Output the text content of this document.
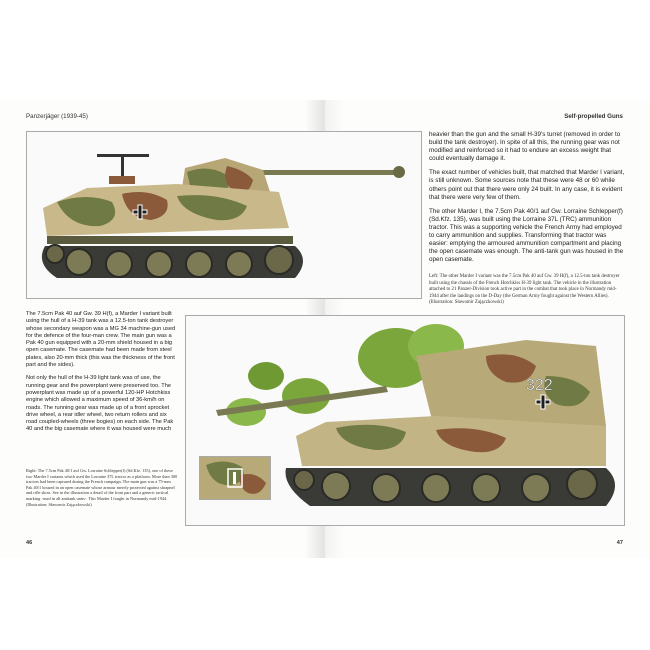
Panzerjäger (1939-45)	Self-propelled Guns
322

heavier than the gun and the small H-39's turret (removed in order to build the tank destroyer). In spite of all this, the running gear was not modified and reinforced so it had to endure an excess weight that could eventually damage it.

The exact number of vehicles built, that matched that Marder I variant, is still unknown. Some sources note that these were 48 or 60 while others point out that there were only 24 built. In any case, it is evident that there were very few of them.

The other Marder I, the 7.5cm Pak 40/1 auf Gw. Lorraine Schlepper(f) (Sd.Kfz. 135), was built using the Lorraine 37L (TRC) ammunition tractor. This was a supporting vehicle the French Army had employed to carry ammunition and supplies. Transforming that tractor was easier: emptying the armoured ammunition compartment and placing the open casemate was enough. The anti-tank gun was housed in the open casemate.

Left: The other Marder I variant was the 7.5cm Pak 40 auf Gw. 39 H(f), a 12.5-ton tank destroyer built using the chassis of the French Hotchkiss H-39 light tank. The vehicle in the illustration attached to 21 Panzer-Division took active part in the combat that took place in Normandy mid-1944 after the landings on the D-Day (the German Army fought against the Western Allies). (Illustration: Sławomir Zajączkowski)

The 7.5cm Pak 40 auf Gw. 39 H(f), a Marder I variant built using the hull of a H-39 tank was a 12.5-ton tank destroyer whose secondary weapon was a MG 34 machine-gun used for the defence of the four-man crew. The main gun was a Pak 40 gun equipped with a 20-mm shield housed in a big open casemate. The casemate had been made from steel plates, also 20-mm thick (this was the thickness of the front part and the sides).

Not only the hull of the H-39 light tank was of use, the running gear and the powerplant were preserved too. The powerplant was made up of a powerful 120-HP Hotchkiss engine which allowed a maximum speed of 36-km/h on roads. The running gear was made up of a front sprocket drive wheel, a rear idler wheel, two return rollers and six road coupled-wheels (three bogies) on each side. The Pak 40 and the big casemate where it was housed were much

Right: The 7.5cm Pak 40/1 auf Gw. Lorraine Schlepper(f) (Sd.Kfz. 135), one of these two Marder I variants which used the Lorraine 37L tractor as a platform. More than 300 tractors had been captured during the French campaign. The main gun was a 75-mm Pak 40/1 housed in an open casemate whose armour merely protected against shrapnel and rifle shots. See in the illustration a detail of the front part and a generic tactical marking -used in all antitank units-. This Marder I fought in Normandy mid-1944. (Illustration: Sławomir Zajączkowski)
46	47
